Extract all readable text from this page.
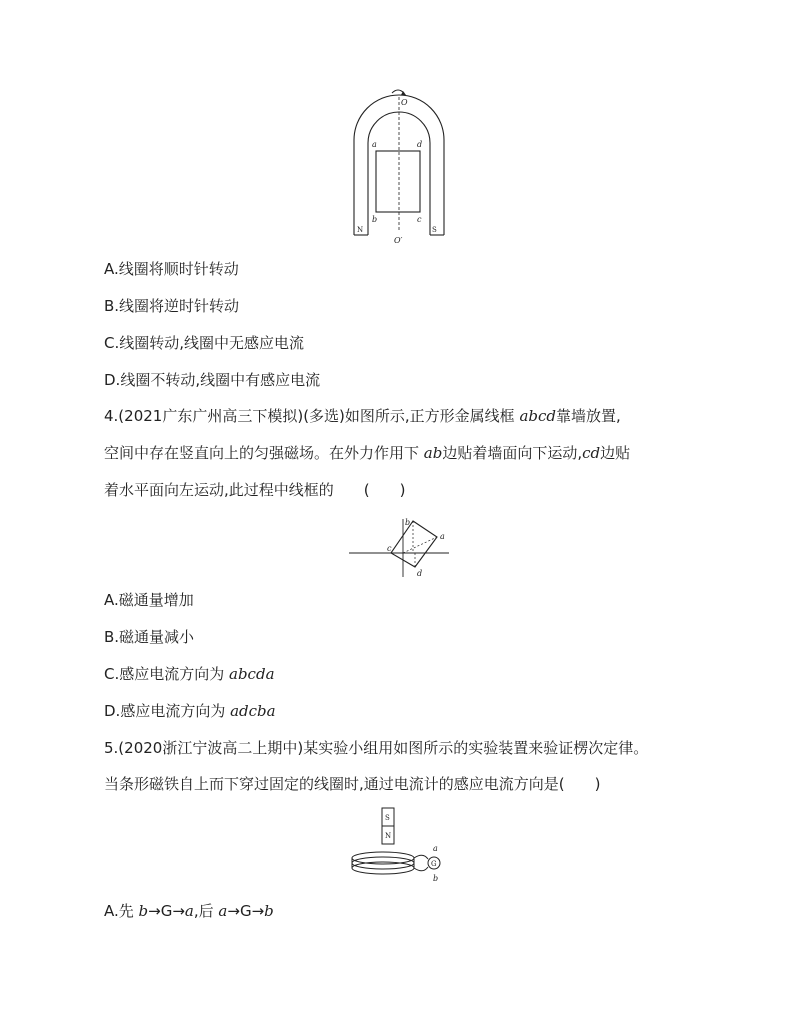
N	S
a	d
b	c
O
O′
A.线圈将顺时针转动
B.线圈将逆时针转动
C.线圈转动,线圈中无感应电流
D.线圈不转动,线圈中有感应电流
4.(2021广东广州高三下模拟)(多选)如图所示,正方形金属线框 abcd靠墙放置,
空间中存在竖直向上的匀强磁场。在外力作用下 ab边贴着墙面向下运动,cd边贴
着水平面向左运动,此过程中线框的　　(　　)
b
a
c
d
A.磁通量增加
B.磁通量减小
C.感应电流方向为 abcda
D.感应电流方向为 adcba
5.(2020浙江宁波高二上期中)某实验小组用如图所示的实验装置来验证楞次定律。
当条形磁铁自上而下穿过固定的线圈时,通过电流计的感应电流方向是(　　)
S
N
G
a
b
A.先 b→G→a,后 a→G→b
